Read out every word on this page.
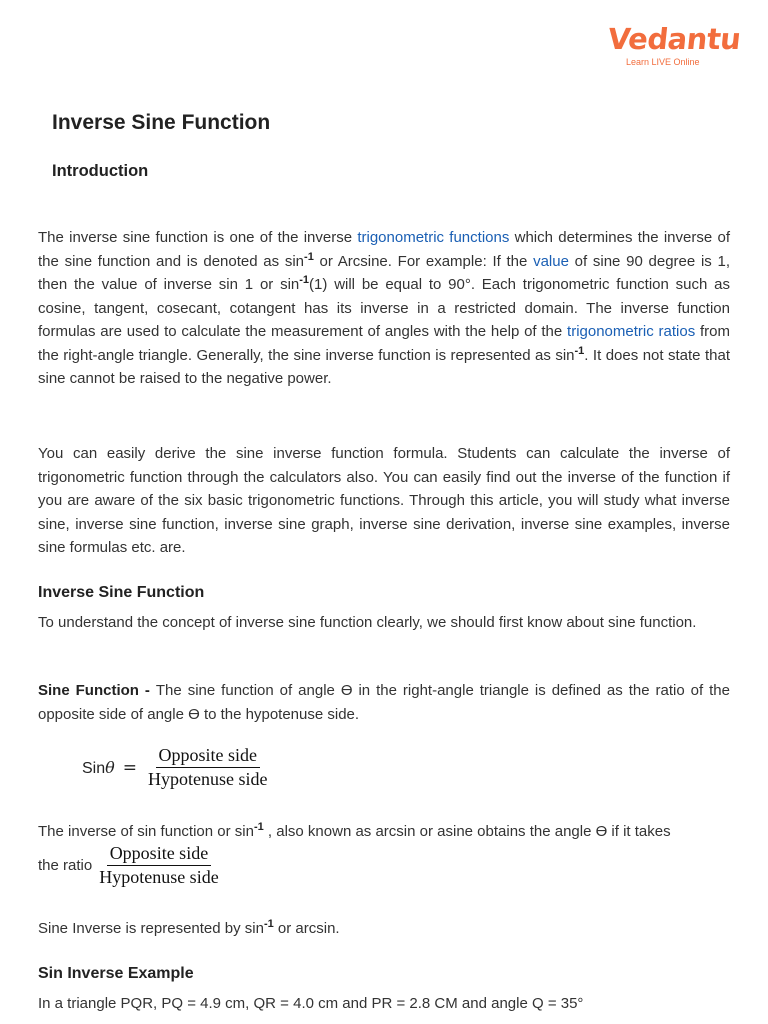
Vedantu
Learn LIVE Online
Inverse Sine Function
Introduction

The inverse sine function is one of the inverse trigonometric functions which determines the inverse of the sine function and is denoted as $\sin^{-1}$ or Arcsine. For example: If the value of sine 90 degree is 1, then the value of inverse sin 1 or $\sin^{-1}(1)$ will be equal to 90°. Each trigonometric function such as cosine, tangent, cosecant, cotangent has its inverse in a restricted domain. The inverse function formulas are used to calculate the measurement of angles with the help of the trigonometric ratios from the right-angle triangle. Generally, the sine inverse function is represented as $\sin^{-1}$. It does not state that sine cannot be raised to the negative power.

You can easily derive the sine inverse function formula. Students can calculate the inverse of trigonometric function through the calculators also. You can easily find out the inverse of the function if you are aware of the six basic trigonometric functions. Through this article, you will study what inverse sine, inverse sine function, inverse sine graph, inverse sine derivation, inverse sine examples, inverse sine formulas etc. are.

Inverse Sine Function

To understand the concept of inverse sine function clearly, we should first know about sine function.

Sine Function - The sine function of angle ϴ in the right-angle triangle is defined as the ratio of the opposite side of angle ϴ to the hypotenuse side.

$Sin\theta = \frac{\text{Opposite side}}{\text{Hypotenuse side}}$

The inverse of sin function or $\sin^{-1}$ , also known as arcsin or asine obtains the angle ϴ if it takes

the ratio $\frac{\text{Opposite side}}{\text{Hypotenuse side}}$

Sine Inverse is represented by $\sin^{-1}$ or arcsin.

Sin Inverse Example

In a triangle PQR, PQ = 4.9 cm, QR = 4.0 cm and PR = 2.8 CM and angle Q = 35°
